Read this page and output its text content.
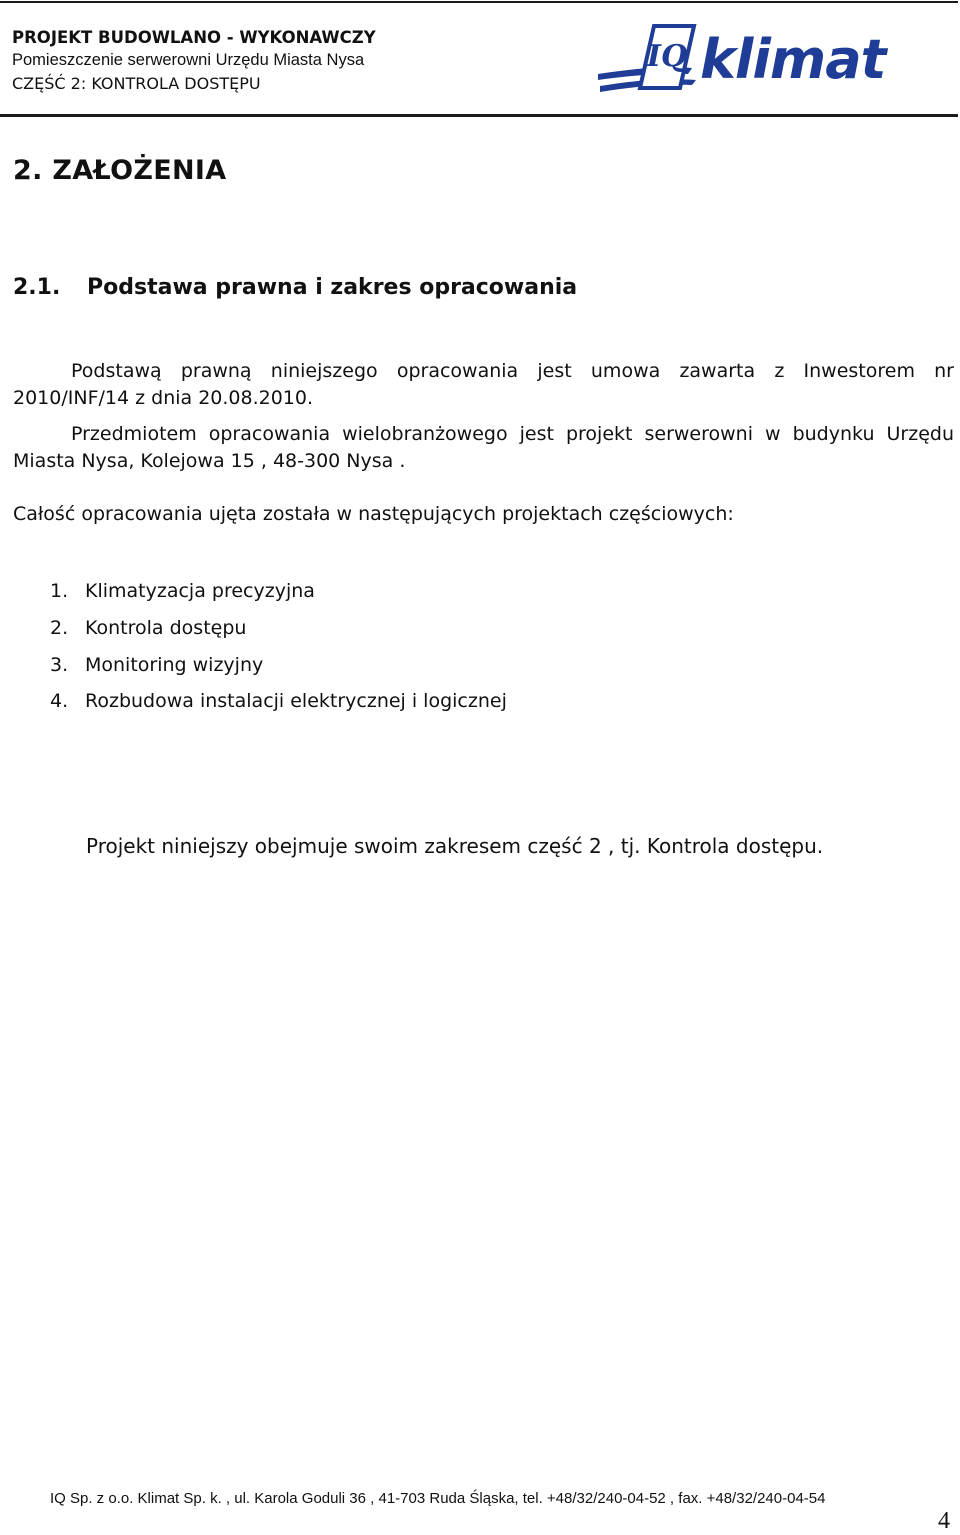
PROJEKT BUDOWLANO - WYKONAWCZY
Pomieszczenie serwerowni Urzędu Miasta Nysa
CZĘŚĆ 2: KONTROLA DOSTĘPU
IQ klimat
2. ZAŁOŻENIA
2.1. Podstawa prawna i zakres opracowania

Podstawą prawną niniejszego opracowania jest umowa zawarta z Inwestorem nr 2010/INF/14 z dnia 20.08.2010.

Przedmiotem opracowania wielobranżowego jest projekt serwerowni w budynku Urzędu Miasta Nysa, Kolejowa 15 , 48-300 Nysa .

Całość opracowania ujęta została w następujących projektach częściowych:
1. Klimatyzacja precyzyjna
2. Kontrola dostępu
3. Monitoring wizyjny
4. Rozbudowa instalacji elektrycznej i logicznej
Projekt niniejszy obejmuje swoim zakresem część 2 , tj. Kontrola dostępu.
IQ Sp. z o.o. Klimat Sp. k. , ul. Karola Goduli 36 , 41-703 Ruda Śląska, tel. +48/32/240-04-52 , fax. +48/32/240-04-54
4
